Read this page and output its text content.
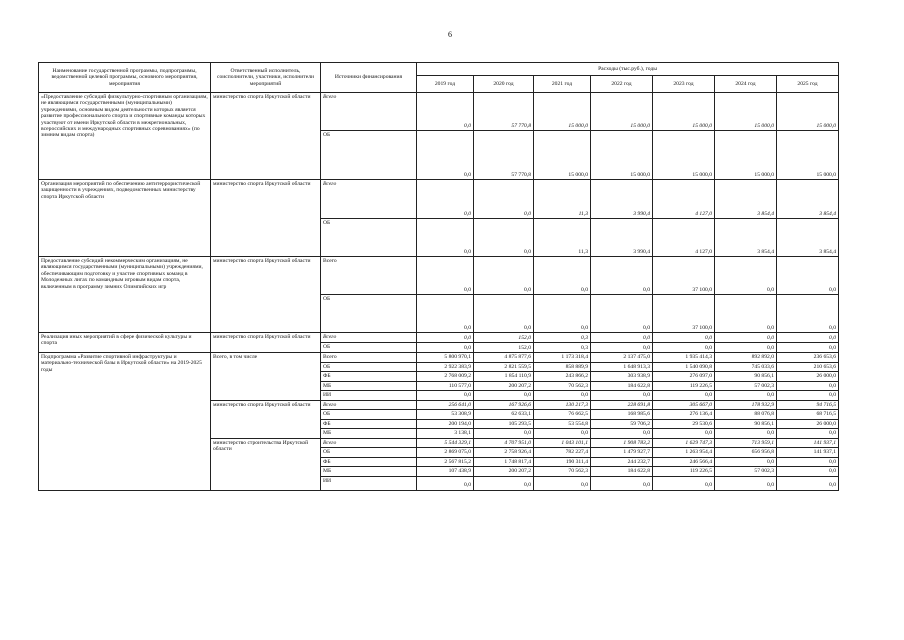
6
Наименование государственной программы, подпрограммы, ведомственной целевой программы, основного мероприятия, мероприятия	Ответственный исполнитель, соисполнители, участники, исполнители мероприятий	Источники финансирования	Расходы (тыс.руб.), годы						
			2019 год	2020 год	2021 год	2022 год	2023 год	2024 год	2025 год
«Предоставление субсидий физкультурно-спортивным организациям, не являющимся государственными (муниципальными) учреждениями, основным видом деятельности которых является развитие профессионального спорта и спортивные команды которых участвуют от имени Иркутской области в межрегиональных, всероссийских и международных спортивных соревнованиях» (по зимним видам спорта)	министерство спорта Иркутской области	Всего	0,0	57 770,8	15 000,0	15 000,0	15 000,0	15 000,0	15 000,0
		ОБ	0,0	57 770,8	15 000,0	15 000,0	15 000,0	15 000,0	15 000,0
Организация мероприятий по обеспечению антитеррористической защищенности в учреждениях, подведомственных министерству спорта Иркутской области	министерство спорта Иркутской области	Всего	0,0	0,0	11,3	3 990,4	4 127,0	3 854,4	3 854,4
		ОБ	0,0	0,0	11,3	3 990,4	4 127,0	3 854,4	3 854,4
Предоставление субсидий некоммерческим организациям, не являющимся государственными (муниципальными) учреждениями, обеспечивающим подготовку и участие спортивных команд в Молодежных лигах по командным игровым видам спорта, включенным в программу зимних Олимпийских игр	министерство спорта Иркутской области	Всего	0,0	0,0	0,0	0,0	37 100,0	0,0	0,0
		ОБ	0,0	0,0	0,0	0,0	37 100,0	0,0	0,0
Реализация иных мероприятий в сфере физической культуры и спорта	министерство спорта Иркутской области	Всего	0,0	152,0	0,3	0,0	0,0	0,0	0,0
		ОБ	0,0	152,0	0,3	0,0	0,0	0,0	0,0
Подпрограмма «Развитие спортивной инфраструктуры и материально-технической базы в Иркутской области» на 2019-2025 годы	Всего, в том числе	Всего	5 800 970,1	4 875 877,6	1 173 318,4	2 137 475,0	1 935 414,3	892 892,0	236 653,6
		ОБ	2 922 383,9	2 821 559,5	858 889,9	1 648 913,3	1 540 090,8	745 033,6	210 653,6
		ФБ	2 768 009,2	1 854 110,9	243 866,2	303 938,9	276 097,0	90 856,1	26 000,0
		МБ	110 577,0	200 207,2	70 562,3	184 622,8	119 226,5	57 002,3	0,0
		ИИ	0,0	0,0	0,0	0,0	0,0	0,0	0,0
	министерство спорта Иркутской области	Всего	256 641,0	167 926,6	130 217,3	228 691,8	305 667,0	178 932,9	94 716,5
		ОБ	53 308,9	62 633,1	76 662,5	168 985,6	276 136,4	88 076,8	68 716,5
		ФБ	200 194,0	105 293,5	53 554,8	59 706,2	29 530,6	90 856,1	26 000,0
		МБ	3 138,1	0,0	0,0	0,0	0,0	0,0	0,0
	министерство строительства Иркутской области	Всего	5 544 329,1	4 707 951,0	1 043 101,1	1 908 783,2	1 629 747,3	713 959,1	141 937,1
		ОБ	2 869 075,0	2 758 926,4	782 227,4	1 479 927,7	1 263 954,4	656 956,8	141 937,1
		ФБ	2 567 815,2	1 748 817,4	190 311,4	244 232,7	246 566,4	0,0	0,0
		МБ	107 438,9	200 207,2	70 562,3	184 622,8	119 226,5	57 002,3	0,0
		ИИ	0,0	0,0	0,0	0,0	0,0	0,0	0,0
